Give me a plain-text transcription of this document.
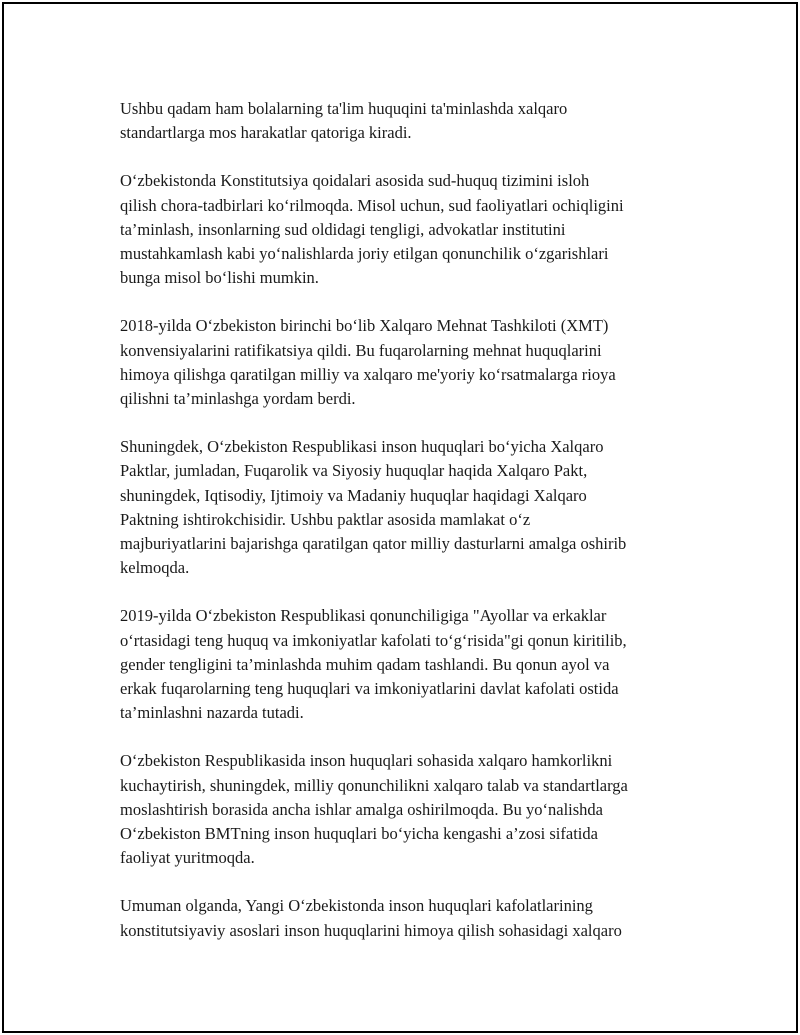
Ushbu qadam ham bolalarning ta'lim huquqini ta'minlashda xalqaro
standartlarga mos harakatlar qatoriga kiradi.

O‘zbekistonda Konstitutsiya qoidalari asosida sud-huquq tizimini isloh
qilish chora-tadbirlari ko‘rilmoqda. Misol uchun, sud faoliyatlari ochiqligini
ta’minlash, insonlarning sud oldidagi tengligi, advokatlar institutini
mustahkamlash kabi yo‘nalishlarda joriy etilgan qonunchilik o‘zgarishlari
bunga misol bo‘lishi mumkin.

2018-yilda O‘zbekiston birinchi bo‘lib Xalqaro Mehnat Tashkiloti (XMT)
konvensiyalarini ratifikatsiya qildi. Bu fuqarolarning mehnat huquqlarini
himoya qilishga qaratilgan milliy va xalqaro me'yoriy ko‘rsatmalarga rioya
qilishni ta’minlashga yordam berdi.

Shuningdek, O‘zbekiston Respublikasi inson huquqlari bo‘yicha Xalqaro
Paktlar, jumladan, Fuqarolik va Siyosiy huquqlar haqida Xalqaro Pakt,
shuningdek, Iqtisodiy, Ijtimoiy va Madaniy huquqlar haqidagi Xalqaro
Paktning ishtirokchisidir. Ushbu paktlar asosida mamlakat o‘z
majburiyatlarini bajarishga qaratilgan qator milliy dasturlarni amalga oshirib
kelmoqda.

2019-yilda O‘zbekiston Respublikasi qonunchiligiga "Ayollar va erkaklar
o‘rtasidagi teng huquq va imkoniyatlar kafolati to‘g‘risida"gi qonun kiritilib,
gender tengligini ta’minlashda muhim qadam tashlandi. Bu qonun ayol va
erkak fuqarolarning teng huquqlari va imkoniyatlarini davlat kafolati ostida
ta’minlashni nazarda tutadi.

O‘zbekiston Respublikasida inson huquqlari sohasida xalqaro hamkorlikni
kuchaytirish, shuningdek, milliy qonunchilikni xalqaro talab va standartlarga
moslashtirish borasida ancha ishlar amalga oshirilmoqda. Bu yo‘nalishda
O‘zbekiston BMTning inson huquqlari bo‘yicha kengashi a’zosi sifatida
faoliyat yuritmoqda.

Umuman olganda, Yangi O‘zbekistonda inson huquqlari kafolatlarining
konstitutsiyaviy asoslari inson huquqlarini himoya qilish sohasidagi xalqaro
